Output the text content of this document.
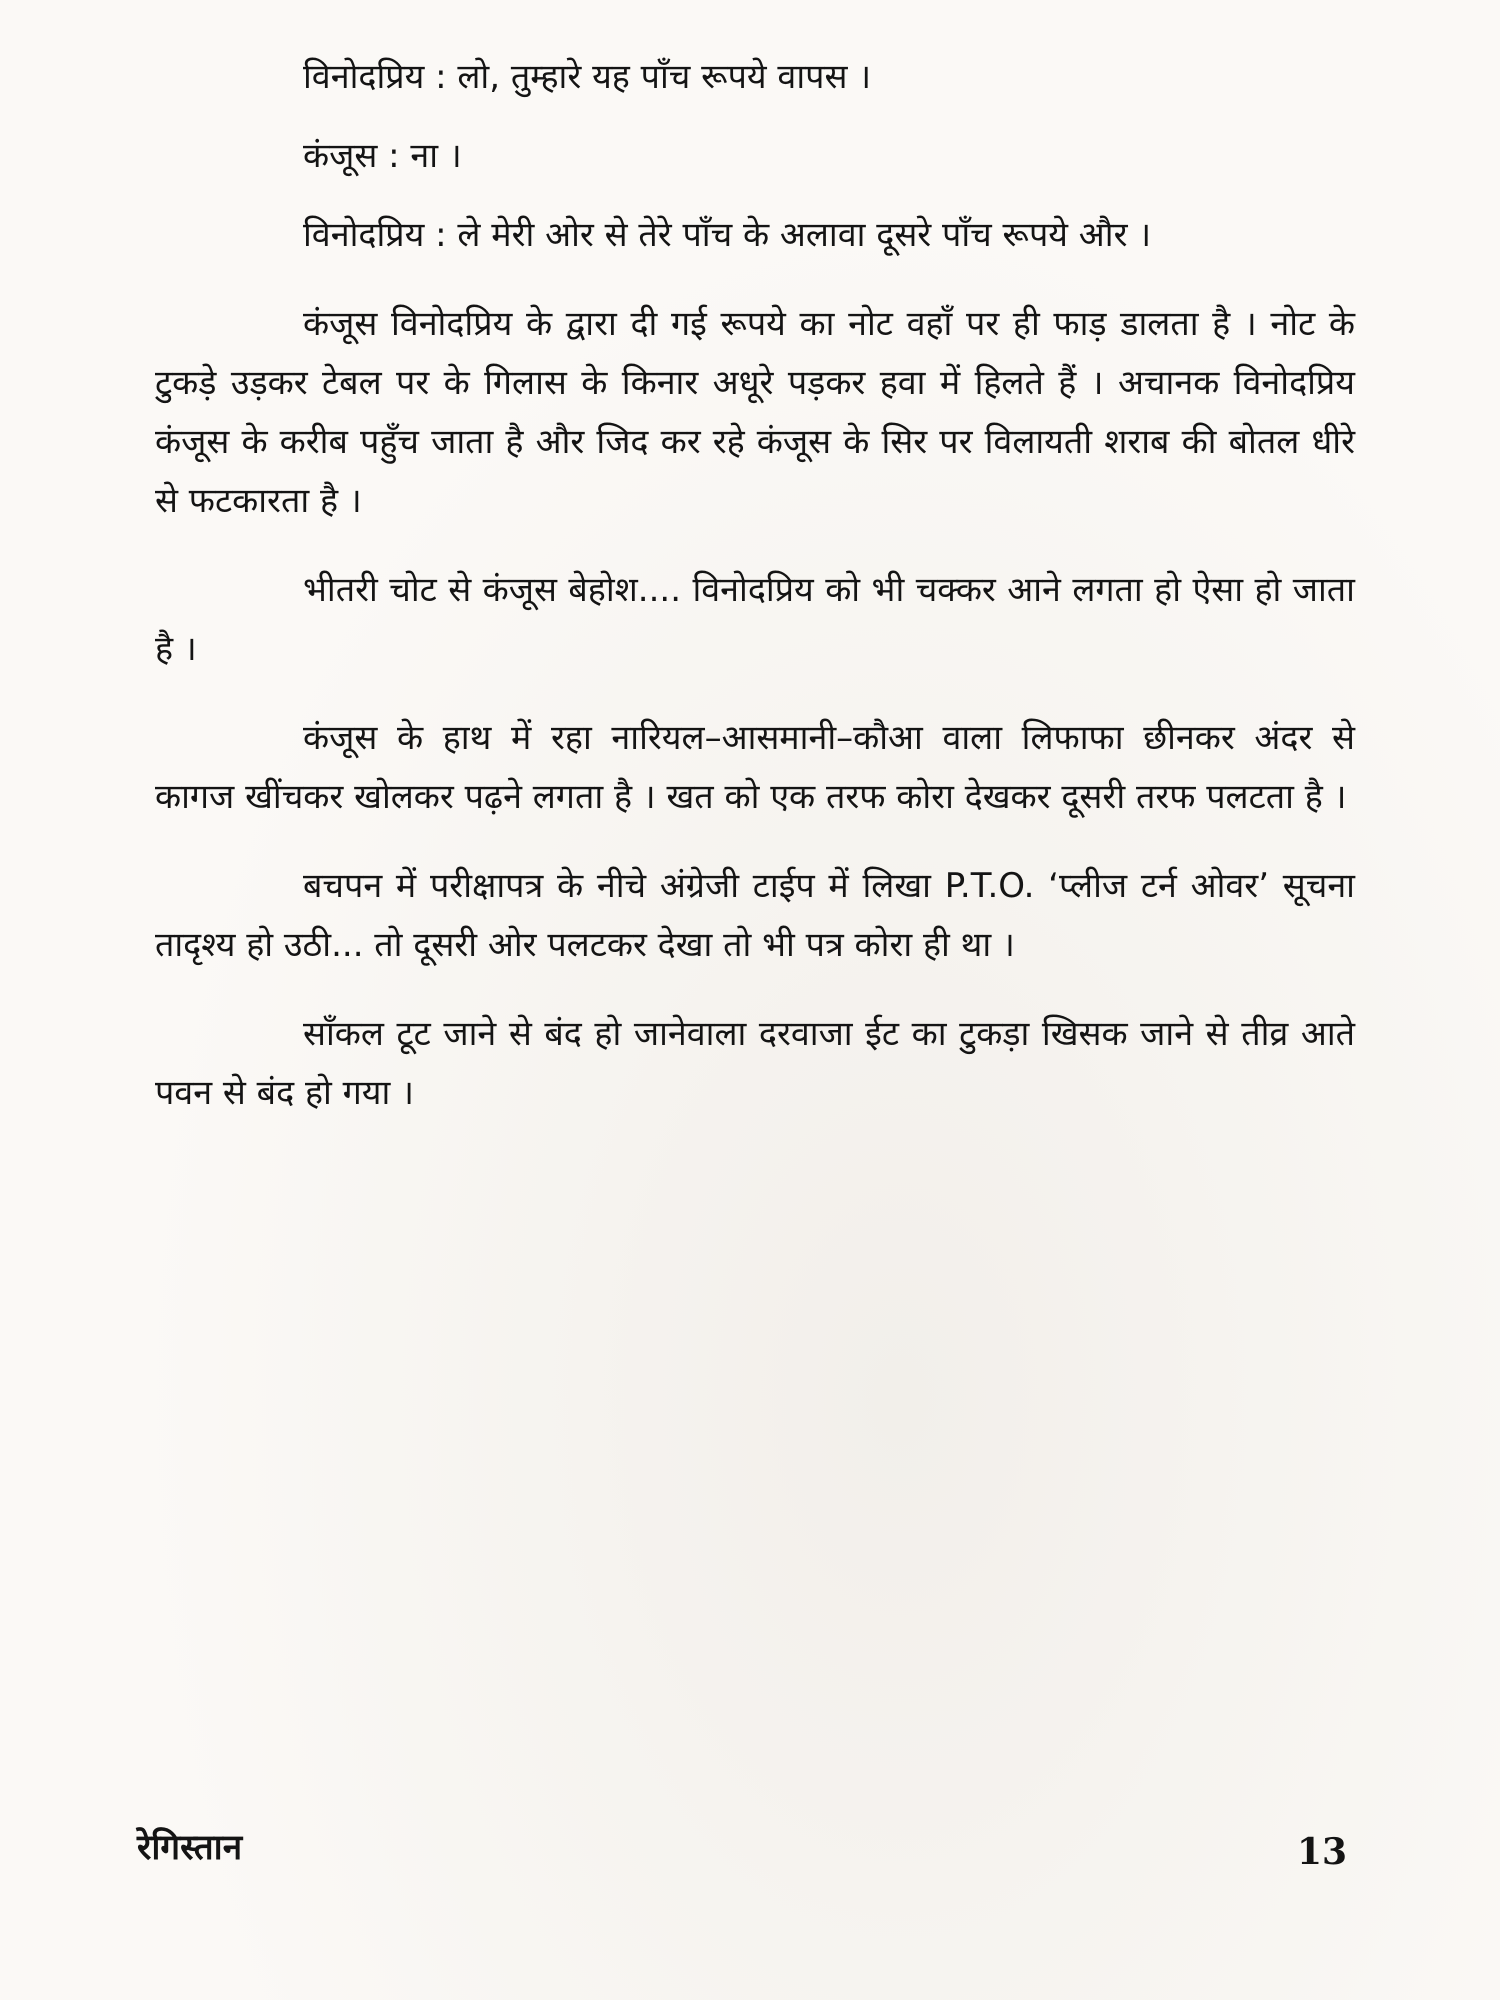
विनोदप्रिय : लो, तुम्हारे यह पाँच रूपये वापस ।

कंजूस : ना ।

विनोदप्रिय : ले मेरी ओर से तेरे पाँच के अलावा दूसरे पाँच रूपये और ।

कंजूस विनोदप्रिय के द्वारा दी गई रूपये का नोट वहाँ पर ही फाड़ डालता है । नोट के टुकड़े उड़कर टेबल पर के गिलास के किनार अधूरे पड़कर हवा में हिलते हैं । अचानक विनोदप्रिय कंजूस के करीब पहुँच जाता है और जिद कर रहे कंजूस के सिर पर विलायती शराब की बोतल धीरे से फटकारता है ।

भीतरी चोट से कंजूस बेहोश.... विनोदप्रिय को भी चक्कर आने लगता हो ऐसा हो जाता है ।

कंजूस के हाथ में रहा नारियल–आसमानी–कौआ वाला लिफाफा छीनकर अंदर से कागज खींचकर खोलकर पढ़ने लगता है । खत को एक तरफ कोरा देखकर दूसरी तरफ पलटता है ।

बचपन में परीक्षापत्र के नीचे अंग्रेजी टाईप में लिखा P.T.O. ‘प्लीज टर्न ओवर’ सूचना तादृश्य हो उठी... तो दूसरी ओर पलटकर देखा तो भी पत्र कोरा ही था ।

साँकल टूट जाने से बंद हो जानेवाला दरवाजा ईट का टुकड़ा खिसक जाने से तीव्र आते पवन से बंद हो गया ।

रेगिस्तान	13
